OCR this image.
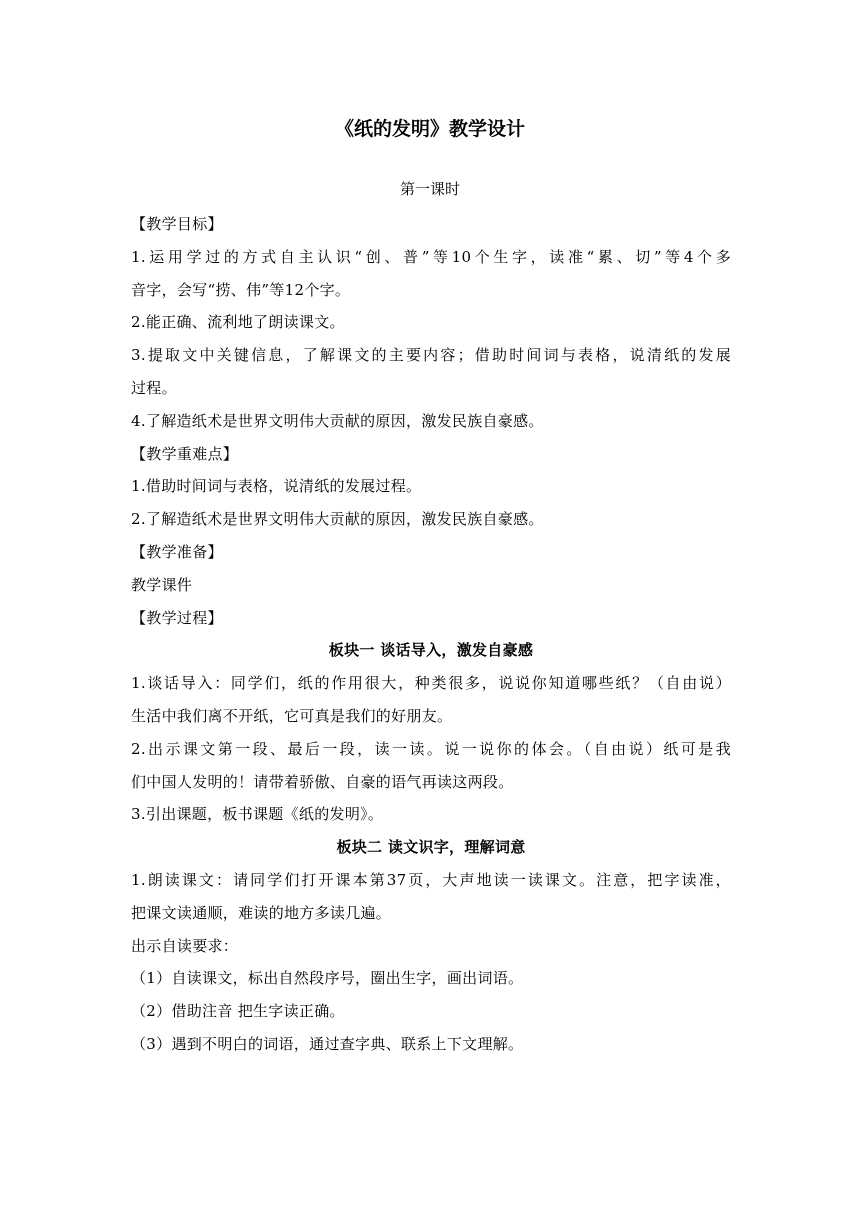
《纸的发明》教学设计
第一课时
【教学目标】
1.运用学过的方式自主认识“创、普”等10个生字，读准“累、切”等4个多
音字，会写“捞、伟”等12个字。
2.能正确、流利地了朗读课文。
3.提取文中关键信息，了解课文的主要内容；借助时间词与表格，说清纸的发展
过程。
4.了解造纸术是世界文明伟大贡献的原因，激发民族自豪感。
【教学重难点】
1.借助时间词与表格，说清纸的发展过程。
2.了解造纸术是世界文明伟大贡献的原因，激发民族自豪感。
【教学准备】
教学课件
【教学过程】
板块一 谈话导入，激发自豪感
1.谈话导入：同学们，纸的作用很大，种类很多，说说你知道哪些纸？（自由说）
生活中我们离不开纸，它可真是我们的好朋友。
2.出示课文第一段、最后一段，读一读。说一说你的体会。（自由说）纸可是我
们中国人发明的！请带着骄傲、自豪的语气再读这两段。
3.引出课题，板书课题《纸的发明》。
板块二 读文识字，理解词意
1.朗读课文：请同学们打开课本第37页，大声地读一读课文。注意，把字读准，
把课文读通顺，难读的地方多读几遍。
出示自读要求：
（1）自读课文，标出自然段序号，圈出生字，画出词语。
（2）借助注音 把生字读正确。
（3）遇到不明白的词语，通过查字典、联系上下文理解。
